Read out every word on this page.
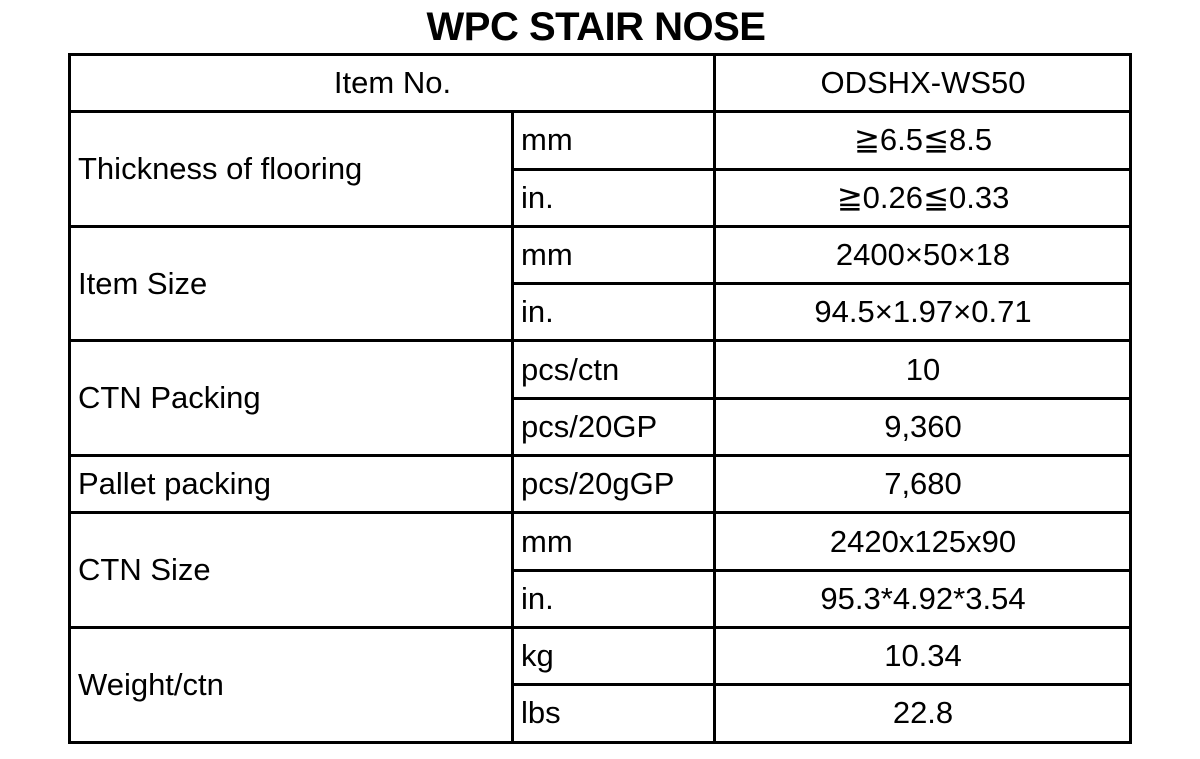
WPC STAIR NOSE
Item No.		ODSHX-WS50
Thickness of flooring	mm	≧6.5≦8.5
	in.	≧0.26≦0.33
Item Size	mm	2400×50×18
	in.	94.5×1.97×0.71
CTN Packing	pcs/ctn	10
	pcs/20GP	9,360
Pallet packing	pcs/20gGP	7,680
CTN Size	mm	2420x125x90
	in.	95.3*4.92*3.54
Weight/ctn	kg	10.34
	lbs	22.8
